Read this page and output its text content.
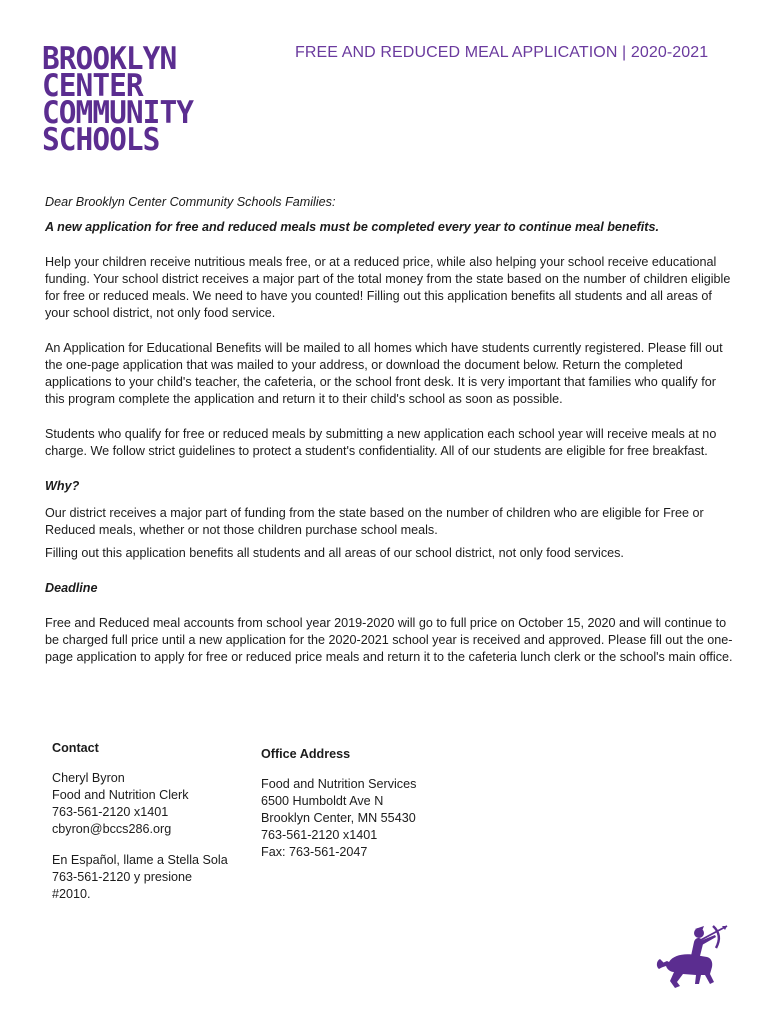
BROOKLYN
CENTER
COMMUNITY
SCHOOLS
FREE AND REDUCED MEAL APPLICATION | 2020-2021

Dear Brooklyn Center Community Schools Families:

A new application for free and reduced meals must be completed every year to continue meal benefits.

Help your children receive nutritious meals free, or at a reduced price, while also helping your school receive educational funding. Your school district receives a major part of the total money from the state based on the number of children eligible for free or reduced meals. We need to have you counted! Filling out this application benefits all students and all areas of your school district, not only food service.

An Application for Educational Benefits will be mailed to all homes which have students currently registered. Please fill out the one-page application that was mailed to your address, or download the document below. Return the completed applications to your child's teacher, the cafeteria, or the school front desk. It is very important that families who qualify for this program complete the application and return it to their child's school as soon as possible.

Students who qualify for free or reduced meals by submitting a new application each school year will receive meals at no charge. We follow strict guidelines to protect a student's confidentiality. All of our students are eligible for free breakfast.

Why?

Our district receives a major part of funding from the state based on the number of children who are eligible for Free or Reduced meals, whether or not those children purchase school meals.

Filling out this application benefits all students and all areas of our school district, not only food services.

Deadline

Free and Reduced meal accounts from school year 2019-2020 will go to full price on October 15, 2020 and will continue to be charged full price until a new application for the 2020-2021 school year is received and approved. Please fill out the one-page application to apply for free or reduced price meals and return it to the cafeteria lunch clerk or the school's main office.

Contact
Cheryl Byron
Food and Nutrition Clerk
763-561-2120 x1401
cbyron@bccs286.org
En Español, llame a Stella Sola
763-561-2120 y presione
#2010.
Office Address
Food and Nutrition Services
6500 Humboldt Ave N
Brooklyn Center, MN 55430
763-561-2120 x1401
Fax: 763-561-2047
